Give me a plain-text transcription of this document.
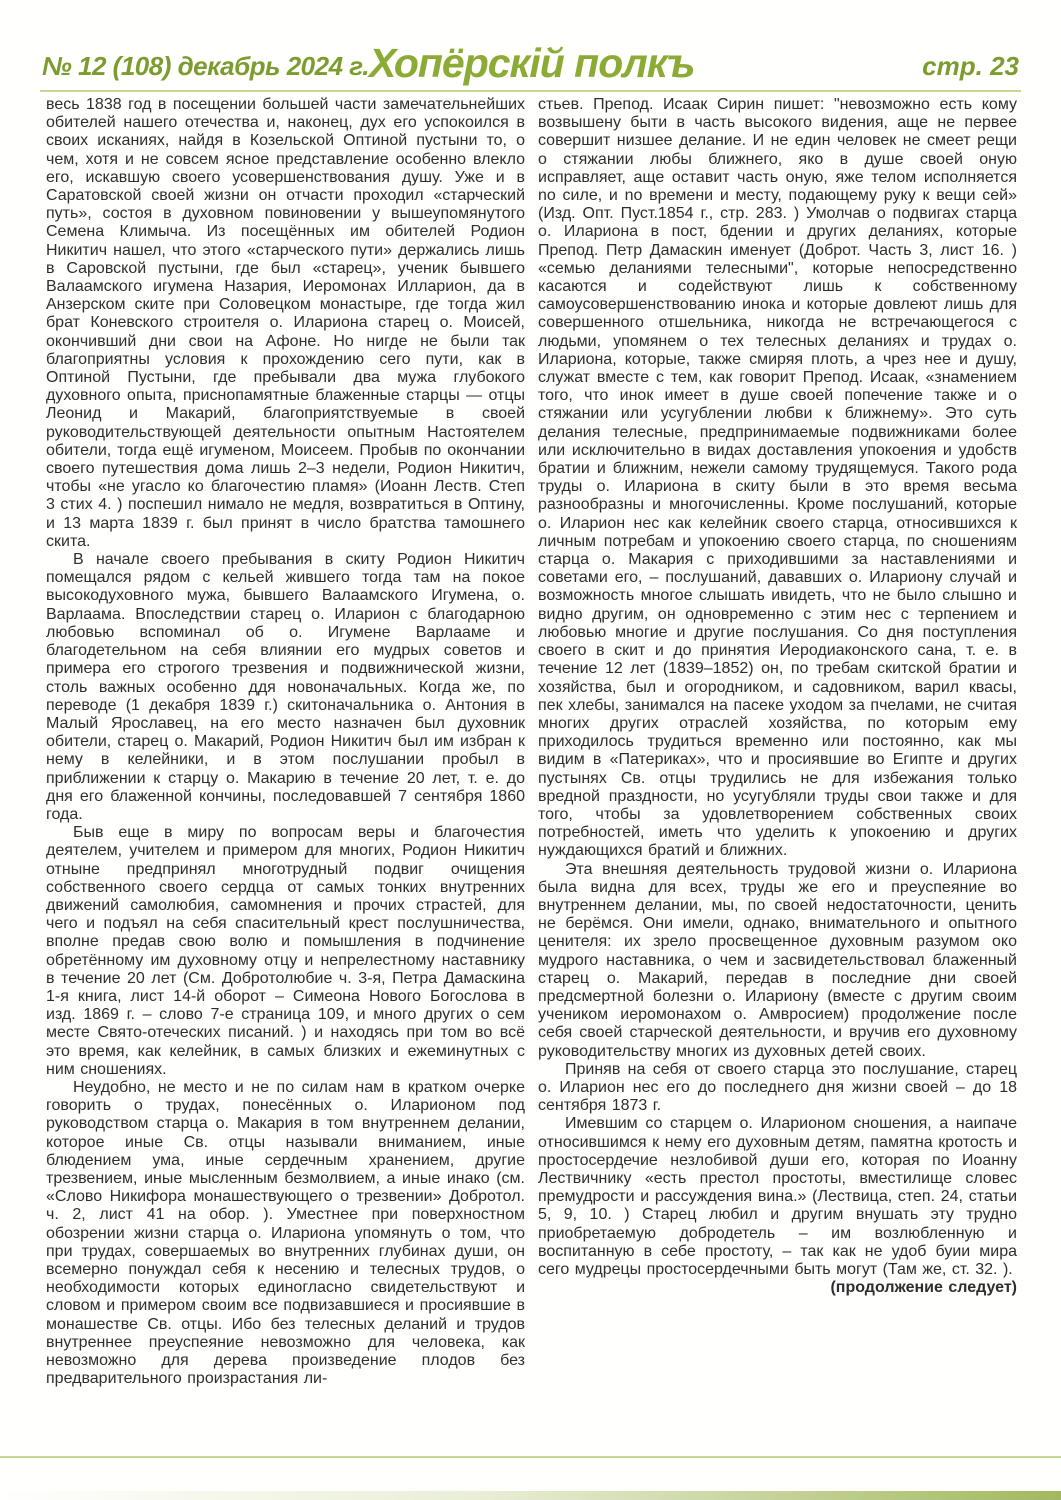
№ 12 (108) декабрь 2024 г. Хопёрскій полкъ	стр. 23

весь 1838 год в посещении большей части замечательнейших обителей нашего отечества и, наконец, дух его успокоился в своих исканиях, найдя в Козельской Оптиной пустыни то, о чем, хотя и не совсем ясное представление особенно влекло его, искавшую своего усовершенствования душу. Уже и в Саратовской своей жизни он отчасти проходил «старческий путь», состоя в духовном повиновении у вышеупомянутого Семена Климыча. Из посещённых им обителей Родион Никитич нашел, что этого «старческого пути» держались лишь в Саровской пустыни, где был «старец», ученик бывшего Валаамского игумена Назария, Иеромонах Илларион, да в Анзерском ските при Соловецком монастыре, где тогда жил брат Коневского строителя о. Илариона старец о. Моисей, окончивший дни свои на Афоне. Но нигде не были так благоприятны условия к прохождению сего пути, как в Оптиной Пустыни, где пребывали два мужа глубокого духовного опыта, приснопамятные блаженные старцы — отцы Леонид и Макарий, благоприятствуемые в своей руководительствующей деятельности опытным Настоятелем обители, тогда ещё игуменом, Моисеем. Пробыв по окончании своего путешествия дома лишь 2–3 недели, Родион Никитич, чтобы «не угасло ко благочестию пламя» (Иоанн Леств. Степ 3 стих 4. ) поспешил нимало не медля, возвратиться в Оптину, и 13 марта 1839 г. был принят в число братства тамошнего скита.

В начале своего пребывания в скиту Родион Никитич помещался рядом с кельей жившего тогда там на покое высокодуховного мужа, бывшего Валаамского Игумена, о. Варлаама. Впоследствии старец о. Иларион с благодарною любовью вспоминал об о. Игумене Варлааме и благодетельном на себя влиянии его мудрых советов и примера его строгого трезвения и подвижнической жизни, столь важных особенно ддя новоначальных. Когда же, по переводе (1 декабря 1839 г.) скитоначальника о. Антония в Малый Ярославец, на его место назначен был духовник обители, старец о. Макарий, Родион Никитич был им избран к нему в келейники, и в этом послушании пробыл в приближении к старцу о. Макарию в течение 20 лет, т. е. до дня его блаженной кончины, последовавшей 7 сентября 1860 года.

Быв еще в миру по вопросам веры и благочестия деятелем, учителем и примером для многих, Родион Никитич отныне предпринял многотрудный подвиг очищения собственного своего сердца от самых тонких внутренних движений самолюбия, самомнения и прочих страстей, для чего и подъял на себя спасительный крест послушничества, вполне предав свою волю и помышления в подчинение обретённому им духовному отцу и непрелестному наставнику в течение 20 лет (См. Добротолюбие ч. 3-я, Петра Дамаскина 1-я книга, лист 14-й оборот – Симеона Нового Богослова в изд. 1869 г. – слово 7-е страница 109, и много других о сем месте Свято-отеческих писаний. ) и находясь при том во всё это время, как келейник, в самых близких и ежеминутных с ним сношениях.

Неудобно, не место и не по силам нам в кратком очерке говорить о трудах, понесённых о. Иларионом под руководством старца о. Макария в том внутреннем делании, которое иные Св. отцы называли вниманием, иные блюдением ума, иные сердечным хранением, другие трезвением, иные мысленным безмолвием, а иные инако (см. «Слово Никифора монашествующего о трезвении» Добротол. ч. 2, лист 41 на обор. ). Уместнее при поверхностном обозрении жизни старца о. Илариона упомянуть о том, что при трудах, совершаемых во внутренних глубинах души, он всемерно понуждал себя к несению и телесных трудов, о необходимости которых единогласно свидетельствуют и словом и примером своим все подвизавшиеся и просиявшие в монашестве Св. отцы. Ибо без телесных деланий и трудов внутреннее преуспеяние невозможно для человека, как невозможно для дерева произведение плодов без предварительного произрастания ли-

стьев. Препод. Исаак Сирин пишет: "невозможно есть кому возвышену быти в часть высокого видения, аще не первее совершит низшее делание. И не един человек не смеет рещи о стяжании любы ближнего, яко в душе своей оную исправляет, аще оставит часть оную, яже телом исполняется no силе, и no времени и месту, подающему руку к вещи сей» (Изд. Опт. Пуст.1854 г., стр. 283. ) Умолчав о подвигах старца о. Илариона в пост, бдении и других деланиях, которые Препод. Петр Дамаскин именует (Доброт. Часть 3, лист 16. ) «семью деланиями телесными", которые непосредственно касаются и содействуют лишь к собственному самоусовершенствованию инока и которые довлеют лишь для совершенного отшельника, никогда не встречающегося с людьми, упомянем о тех телесных деланиях и трудах о. Илариона, которые, также смиряя плоть, а чрез нее и душу, служат вместе с тем, как говорит Препод. Исаак, «знамением того, что инок имеет в душе своей попечение также и о стяжании или усугублении любви к ближнему». Это суть делания телесные, предпринимаемые подвижниками более или исключительно в видах доставления упокоения и удобств братии и ближним, нежели самому трудящемуся. Такого рода труды о. Илариона в скиту были в это время весьма разнообразны и многочисленны. Кроме послушаний, которые о. Иларион нес как келейник своего старца, относившихся к личным потребам и упокоению своего старца, по сношениям старца о. Макария с приходившими за наставлениями и советами его, – послушаний, дававших о. Илариону случай и возможность многое слышать ивидеть, что не было слышно и видно другим, он одновременно с этим нес с терпением и любовью многие и другие послушания. Со дня поступления своего в скит и до принятия Иеродиаконского сана, т. е. в течение 12 лет (1839–1852) он, по требам скитской братии и хозяйства, был и огородником, и садовником, варил квасы, пек хлебы, занимался на пасеке уходом за пчелами, не считая многих других отраслей хозяйства, по которым ему приходилось трудиться временно или постоянно, как мы видим в «Патериках», что и просиявшие во Египте и других пустынях Св. отцы трудились не для избежания только вредной праздности, но усугубляли труды свои также и для того, чтобы за удовлетворением собственных своих потребностей, иметь что уделить к упокоению и других нуждающихся братий и ближних.

Эта внешняя деятельность трудовой жизни о. Илариона была видна для всех, труды же его и преуспеяние во внутреннем делании, мы, по своей недостаточности, ценить не берёмся. Они имели, однако, внимательного и опытного ценителя: их зрело просвещенное духовным разумом око мудрого наставника, о чем и засвидетельствовал блаженный старец о. Макарий, передав в последние дни своей предсмертной болезни о. Илариону (вместе с другим своим учеником иеромонахом о. Амвросием) продолжение после себя своей старческой деятельности, и вручив его духовному руководительству многих из духовных детей своих.

Приняв на себя от своего старца это послушание, старец о. Иларион нес его до последнего дня жизни своей – до 18 сентября 1873 г.

Имевшим со старцем о. Иларионом сношения, а наипаче относившимся к нему его духовным детям, памятна кротость и простосердечие незлобивой души его, которая по Иоанну Лествичнику «есть престол простоты, вместилище словес премудрости и рассуждения вина.» (Лествица, степ. 24, статьи 5, 9, 10. ) Старец любил и другим внушать эту трудно приобретаемую добродетель – им возлюбленную и воспитанную в себе простоту, – так как не удоб буии мира сего мудрецы простосердечными быть могут (Там же, ст. 32. ).

(продолжение следует)
